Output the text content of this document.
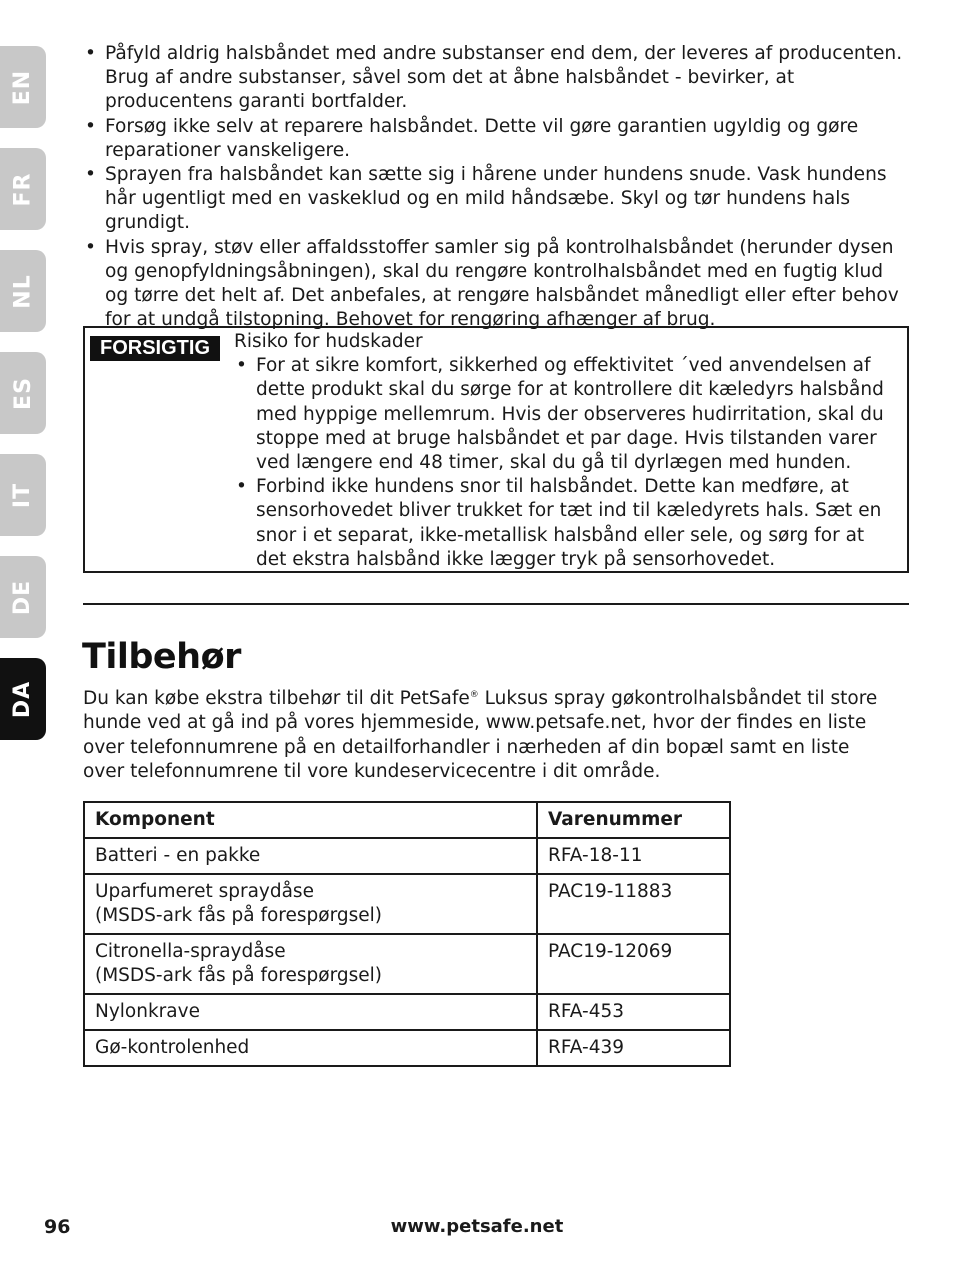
EN
FR
NL
ES
IT
DE
DA
• Påfyld aldrig halsbåndet med andre substanser end dem, der leveres af producenten. Brug af andre substanser, såvel som det at åbne halsbåndet - bevirker, at producentens garanti bortfalder.
• Forsøg ikke selv at reparere halsbåndet. Dette vil gøre garantien ugyldig og gøre reparationer vanskeligere.
• Sprayen fra halsbåndet kan sætte sig i hårene under hundens snude. Vask hundens hår ugentligt med en vaskeklud og en mild håndsæbe. Skyl og tør hundens hals grundigt.
• Hvis spray, støv eller affaldsstoffer samler sig på kontrolhalsbåndet (herunder dysen og genopfyldningsåbningen), skal du rengøre kontrolhalsbåndet med en fugtig klud og tørre det helt af. Det anbefales, at rengøre halsbåndet månedligt eller efter behov for at undgå tilstopning. Behovet for rengøring afhænger af brug.
FORSIGTIG	Risiko for hudskader

• For at sikre komfort, sikkerhed og effektivitet ´ved anvendelsen af dette produkt skal du sørge for at kontrollere dit kæledyrs halsbånd med hyppige mellemrum. Hvis der observeres hudirritation, skal du stoppe med at bruge halsbåndet et par dage. Hvis tilstanden varer ved længere end 48 timer, skal du gå til dyrlægen med hunden.
• Forbind ikke hundens snor til halsbåndet. Dette kan medføre, at sensorhovedet bliver trukket for tæt ind til kæledyrets hals. Sæt en snor i et separat, ikke-metallisk halsbånd eller sele, og sørg for at det ekstra halsbånd ikke lægger tryk på sensorhovedet.
Tilbehør

Du kan købe ekstra tilbehør til dit PetSafe® Luksus spray gøkontrolhalsbåndet til store hunde ved at gå ind på vores hjemmeside, www.petsafe.net, hvor der findes en liste over telefonnumrene på en detailforhandler i nærheden af din bopæl samt en liste over telefonnumrene til vore kundeservicecentre i dit område.

Komponent	Varenummer
Batteri - en pakke	RFA-18-11
Uparfumeret spraydåse
(MSDS-ark fås på forespørgsel)	PAC19-11883
Citronella-spraydåse
(MSDS-ark fås på forespørgsel)	PAC19-12069
Nylonkrave	RFA-453
Gø-kontrolenhed	RFA-439
96	www.petsafe.net
